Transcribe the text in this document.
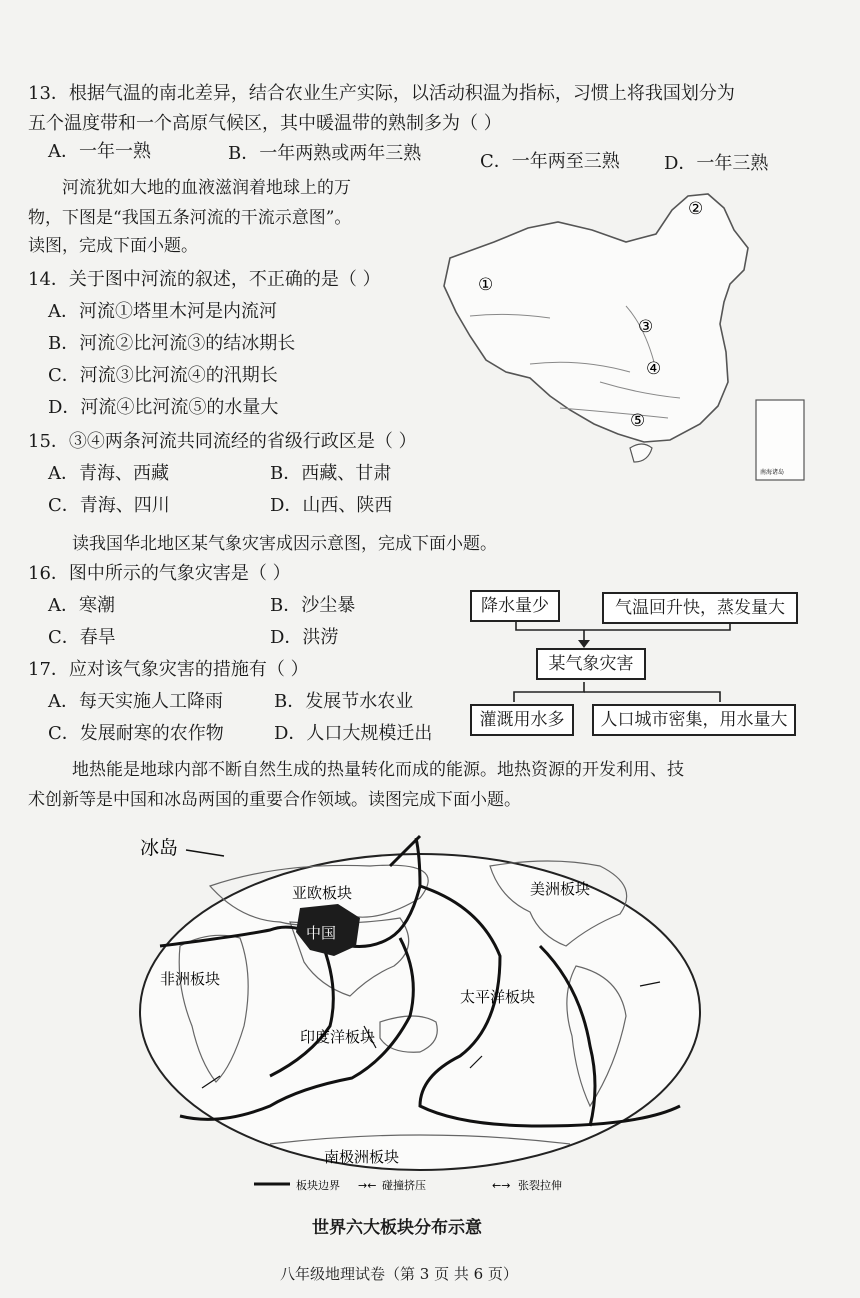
13．根据气温的南北差异，结合农业生产实际，以活动积温为指标，习惯上将我国划分为
五个温度带和一个高原气候区，其中暖温带的熟制多为（ ）
A．一年一熟	B．一年两熟或两年三熟	C．一年两至三熟 D．一年三熟
河流犹如大地的血液滋润着地球上的万
物，下图是“我国五条河流的干流示意图”。
读图，完成下面小题。
14．关于图中河流的叙述，不正确的是（ ）
A．河流①塔里木河是内流河
B．河流②比河流③的结冰期长
C．河流③比河流④的汛期长
D．河流④比河流⑤的水量大
15．③④两条河流共同流经的省级行政区是（ ）
A．青海、西藏	B．西藏、甘肃
C．青海、四川	D．山西、陕西
南海诸岛
①
②
③
④
⑤
读我国华北地区某气象灾害成因示意图，完成下面小题。
16．图中所示的气象灾害是（ ）
A．寒潮	B．沙尘暴
C．春旱	D．洪涝
17．应对该气象灾害的措施有（ ）
A．每天实施人工降雨	B．发展节水农业
C．发展耐寒的农作物	D．人口大规模迁出
降水量少	气温回升快，蒸发量大
某气象灾害
灌溉用水多	人口城市密集，用水量大
地热能是地球内部不断自然生成的热量转化而成的能源。地热资源的开发利用、技
术创新等是中国和冰岛两国的重要合作领域。读图完成下面小题。
中国
冰岛
亚欧板块	美洲板块
非洲板块
太平洋板块
印度洋板块
南极洲板块
板块边界 →← 碰撞挤压	←→ 张裂拉伸
世界六大板块分布示意
八年级地理试卷（第 3 页 共 6 页）
